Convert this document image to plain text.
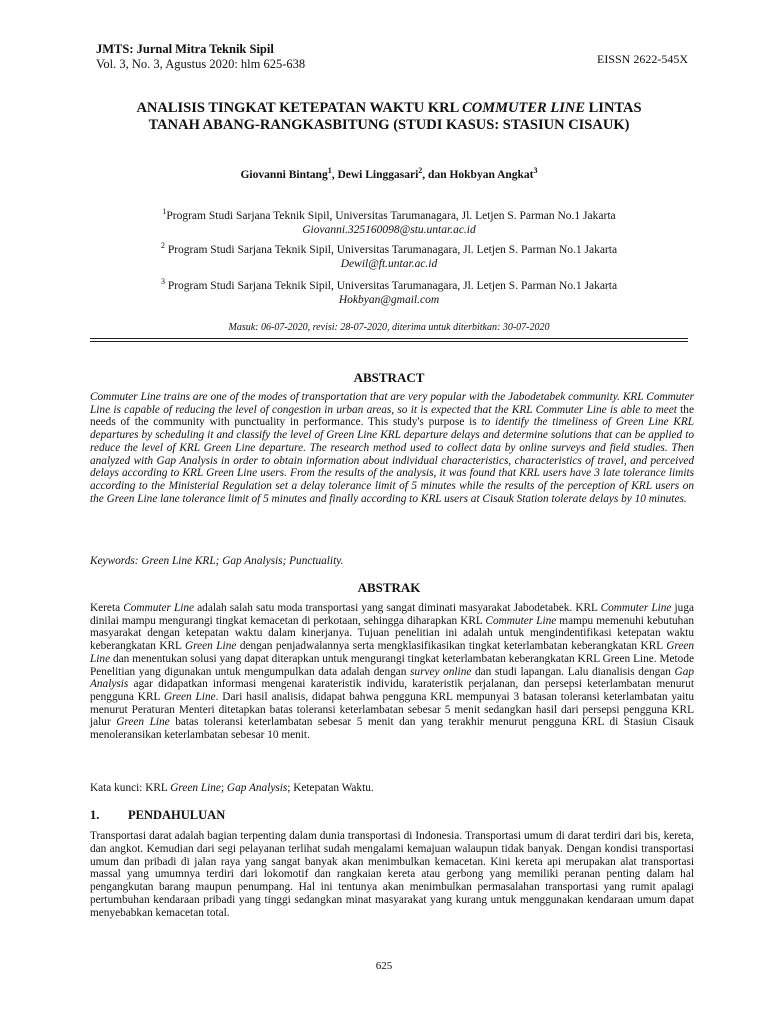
JMTS: Jurnal Mitra Teknik Sipil
Vol. 3, No. 3, Agustus 2020: hlm 625-638	EISSN 2622-545X
ANALISIS TINGKAT KETEPATAN WAKTU KRL COMMUTER LINE LINTAS
TANAH ABANG-RANGKASBITUNG (STUDI KASUS: STASIUN CISAUK)
Giovanni Bintang$^1$, Dewi Linggasari$^2$, dan Hokbyan Angkat$^3$
$^1$Program Studi Sarjana Teknik Sipil, Universitas Tarumanagara, Jl. Letjen S. Parman No.1 Jakarta
Giovanni.325160098@stu.untar.ac.id
$^2$ Program Studi Sarjana Teknik Sipil, Universitas Tarumanagara, Jl. Letjen S. Parman No.1 Jakarta
Dewil@ft.untar.ac.id
$^3$ Program Studi Sarjana Teknik Sipil, Universitas Tarumanagara, Jl. Letjen S. Parman No.1 Jakarta
Hokbyan@gmail.com
Masuk: 06-07-2020, revisi: 28-07-2020, diterima untuk diterbitkan: 30-07-2020
ABSTRACT
Commuter Line trains are one of the modes of transportation that are very popular with the Jabodetabek community. KRL Commuter Line is capable of reducing the level of congestion in urban areas, so it is expected that the KRL Commuter Line is able to meet the needs of the community with punctuality in performance. This study's purpose is to identify the timeliness of Green Line KRL departures by scheduling it and classify the level of Green Line KRL departure delays and determine solutions that can be applied to reduce the level of KRL Green Line departure. The research method used to collect data by online surveys and field studies. Then analyzed with Gap Analysis in order to obtain information about individual characteristics, characteristics of travel, and perceived delays according to KRL Green Line users. From the results of the analysis, it was found that KRL users have 3 late tolerance limits according to the Ministerial Regulation set a delay tolerance limit of 5 minutes while the results of the perception of KRL users on the Green Line lane tolerance limit of 5 minutes and finally according to KRL users at Cisauk Station tolerate delays by 10 minutes.
Keywords: Green Line KRL; Gap Analysis; Punctuality.
ABSTRAK
Kereta Commuter Line adalah salah satu moda transportasi yang sangat diminati masyarakat Jabodetabek. KRL Commuter Line juga dinilai mampu mengurangi tingkat kemacetan di perkotaan, sehingga diharapkan KRL Commuter Line mampu memenuhi kebutuhan masyarakat dengan ketepatan waktu dalam kinerjanya. Tujuan penelitian ini adalah untuk mengindentifikasi ketepatan waktu keberangkatan KRL Green Line dengan penjadwalannya serta mengklasifikasikan tingkat keterlambatan keberangkatan KRL Green Line dan menentukan solusi yang dapat diterapkan untuk mengurangi tingkat keterlambatan keberangkatan KRL Green Line. Metode Penelitian yang digunakan untuk mengumpulkan data adalah dengan survey online dan studi lapangan. Lalu dianalisis dengan Gap Analysis agar didapatkan informasi mengenai karateristik individu, karateristik perjalanan, dan persepsi keterlambatan menurut pengguna KRL Green Line. Dari hasil analisis, didapat bahwa pengguna KRL mempunyai 3 batasan toleransi keterlambatan yaitu menurut Peraturan Menteri ditetapkan batas toleransi keterlambatan sebesar 5 menit sedangkan hasil dari persepsi pengguna KRL jalur Green Line batas toleransi keterlambatan sebesar 5 menit dan yang terakhir menurut pengguna KRL di Stasiun Cisauk menoleransikan keterlambatan sebesar 10 menit.
Kata kunci: KRL Green Line; Gap Analysis; Ketepatan Waktu.
1. PENDAHULUAN
Transportasi darat adalah bagian terpenting dalam dunia transportasi di Indonesia. Transportasi umum di darat terdiri dari bis, kereta, dan angkot. Kemudian dari segi pelayanan terlihat sudah mengalami kemajuan walaupun tidak banyak. Dengan kondisi transportasi umum dan pribadi di jalan raya yang sangat banyak akan menimbulkan kemacetan. Kini kereta api merupakan alat transportasi massal yang umumnya terdiri dari lokomotif dan rangkaian kereta atau gerbong yang memiliki peranan penting dalam hal pengangkutan barang maupun penumpang. Hal ini tentunya akan menimbulkan permasalahan transportasi yang rumit apalagi pertumbuhan kendaraan pribadi yang tinggi sedangkan minat masyarakat yang kurang untuk menggunakan kendaraan umum dapat menyebabkan kemacetan total.
625
